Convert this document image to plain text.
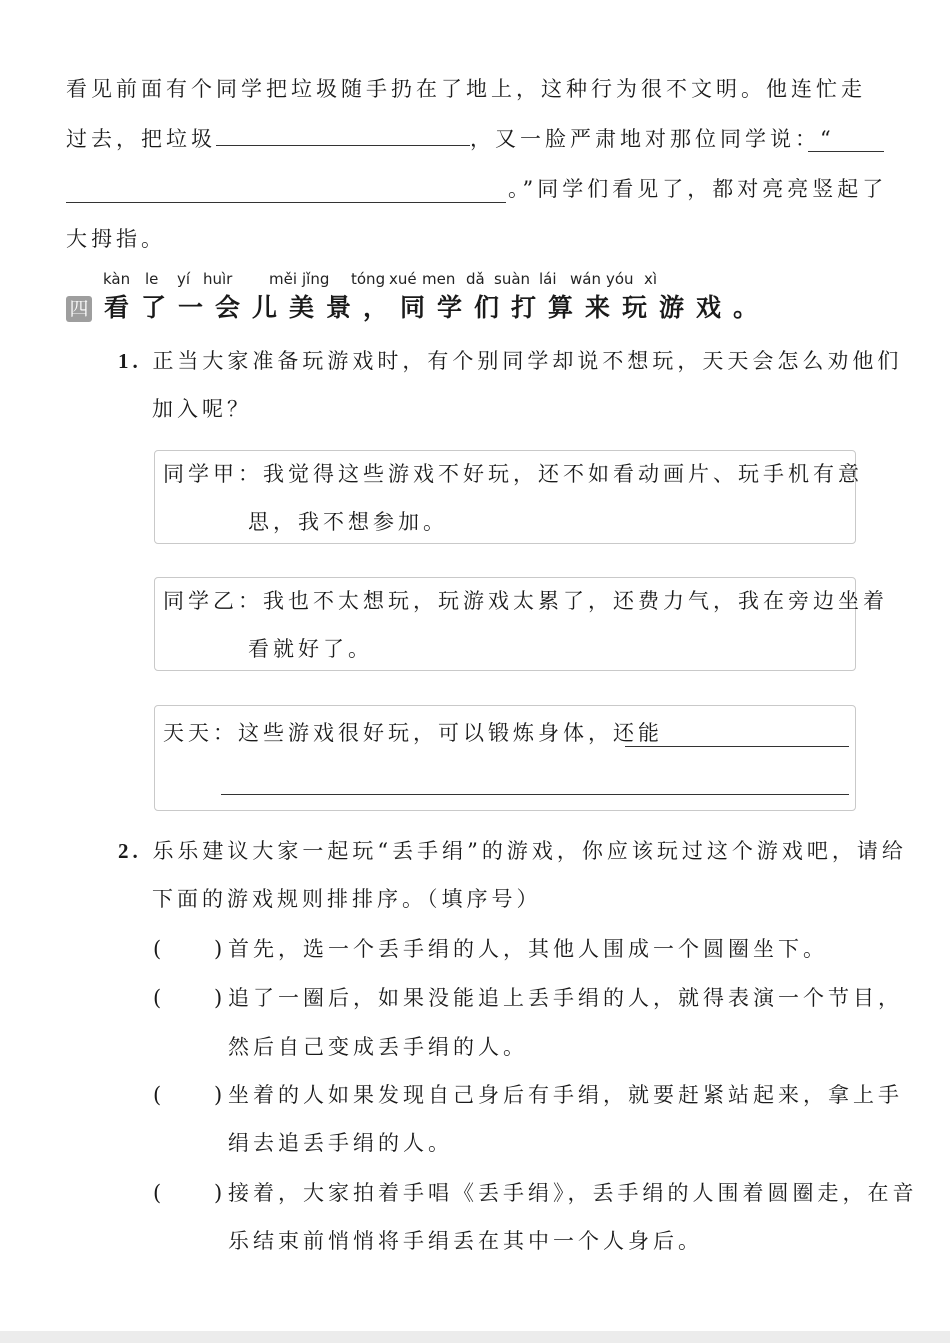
看见前面有个同学把垃圾随手扔在了地上，这种行为很不文明。他连忙走
过去，把垃圾	，又一脸严肃地对那位同学说：“
。”同学们看见了，都对亮亮竖起了
大拇指。
kàn le yí huìr měi jǐng tóng xué men dǎ suàn lái wán yóu xì
四 看了一会儿美景，同学们打算来玩游戏。
1. 正当大家准备玩游戏时，有个别同学却说不想玩，天天会怎么劝他们
加入呢？
同学甲：我觉得这些游戏不好玩，还不如看动画片、玩手机有意
思，我不想参加。
同学乙：我也不太想玩，玩游戏太累了，还费力气，我在旁边坐着
看就好了。
天天：这些游戏很好玩，可以锻炼身体，还能
2. 乐乐建议大家一起玩“丢手绢”的游戏，你应该玩过这个游戏吧，请给
下面的游戏规则排排序。（填序号）
(	) 首先，选一个丢手绢的人，其他人围成一个圆圈坐下。
(	) 追了一圈后，如果没能追上丢手绢的人，就得表演一个节目，
然后自己变成丢手绢的人。
(	) 坐着的人如果发现自己身后有手绢，就要赶紧站起来，拿上手
绢去追丢手绢的人。
(	) 接着，大家拍着手唱《丢手绢》，丢手绢的人围着圆圈走，在音
乐结束前悄悄将手绢丢在其中一个人身后。
